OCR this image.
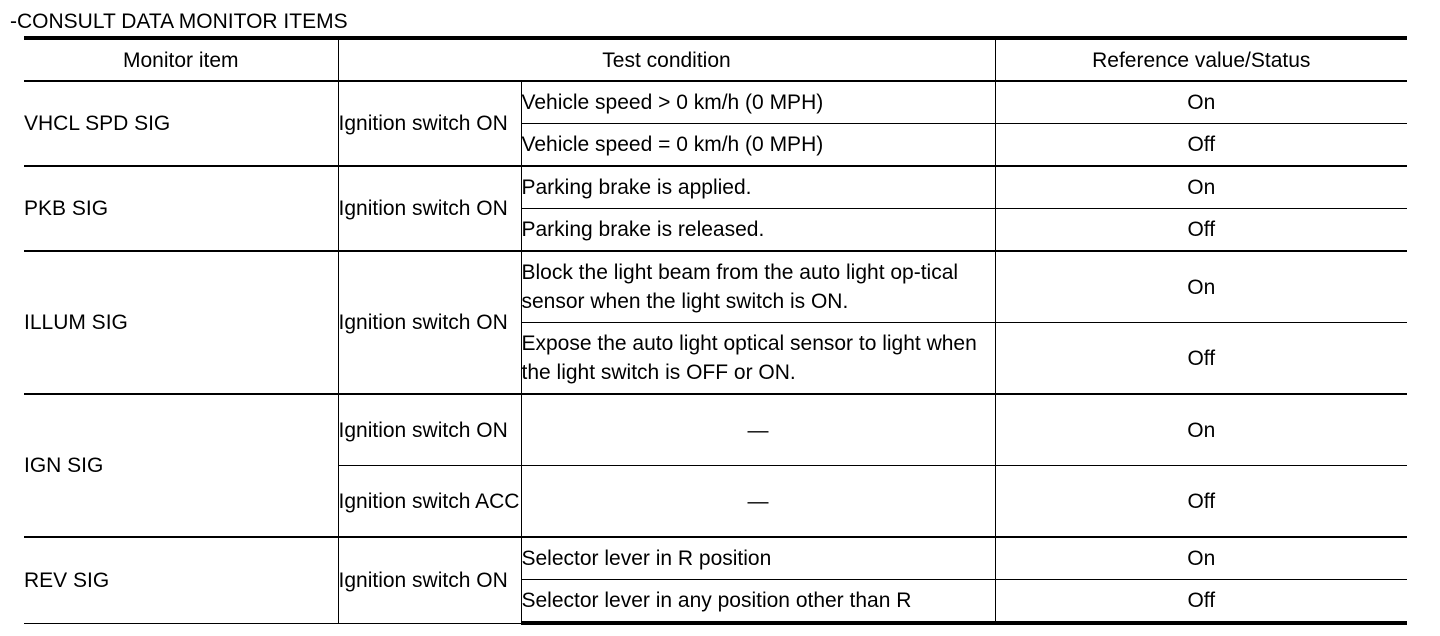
-CONSULT DATA MONITOR ITEMS
Monitor item	Test condition		Reference value/Status
VHCL SPD SIG	Ignition switch ON	Vehicle speed > 0 km/h (0 MPH)	On
		Vehicle speed = 0 km/h (0 MPH)	Off
PKB SIG	Ignition switch ON	Parking brake is applied.	On
		Parking brake is released.	Off
ILLUM SIG	Ignition switch ON	Block the light beam from the auto light op-tical sensor when the light switch is ON.	On
		Expose the auto light optical sensor to light when the light switch is OFF or ON.	Off
IGN SIG	Ignition switch ON	—	On
	Ignition switch ACC	—	Off
REV SIG	Ignition switch ON	Selector lever in R position	On
		Selector lever in any position other than R	Off
